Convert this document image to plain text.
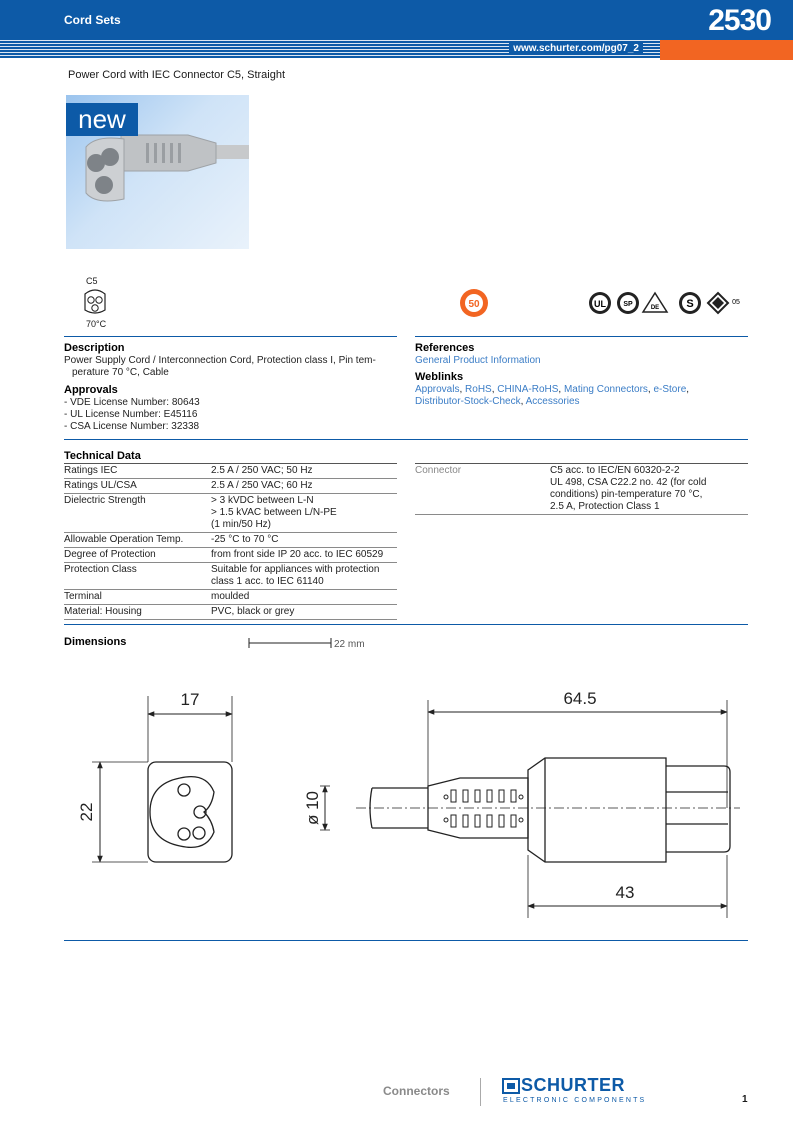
Cord Sets	2530
www.schurter.com/pg07_2
Power Cord with IEC Connector C5, Straight
new
C5
70°C
50	UL SP	DE S	05
Description
Power Supply Cord / Interconnection Cord, Protection class I, Pin tem-
perature 70 °C, Cable
Approvals
- VDE License Number: 80643
- UL License Number: E45116
- CSA License Number: 32338
References
General Product Information
Weblinks
Approvals, RoHS, CHINA-RoHS, Mating Connectors, e-Store,
Distributor-Stock-Check, Accessories
Technical Data
Ratings IEC	2.5 A / 250 VAC; 50 Hz

Ratings UL/CSA	2.5 A / 250 VAC; 60 Hz

Dielectric Strength	> 3 kVDC between L-N
> 1.5 kVAC between L/N-PE
(1 min/50 Hz)

Allowable Operation Temp.	-25 °C to 70 °C

Degree of Protection	from front side IP 20 acc. to IEC 60529

Protection Class	Suitable for appliances with protection
class 1 acc. to IEC 61140

Terminal	moulded

Material: Housing	PVC, black or grey
Connector	C5 acc. to IEC/EN 60320-2-2
UL 498, CSA C22.2 no. 42 (for cold
conditions) pin-temperature 70 °C,
2.5 A, Protection Class 1
Dimensions	22 mm
17
22
64.5
ø 10
43
Connectors	SCHURTER
ELECTRONIC COMPONENTS	1
